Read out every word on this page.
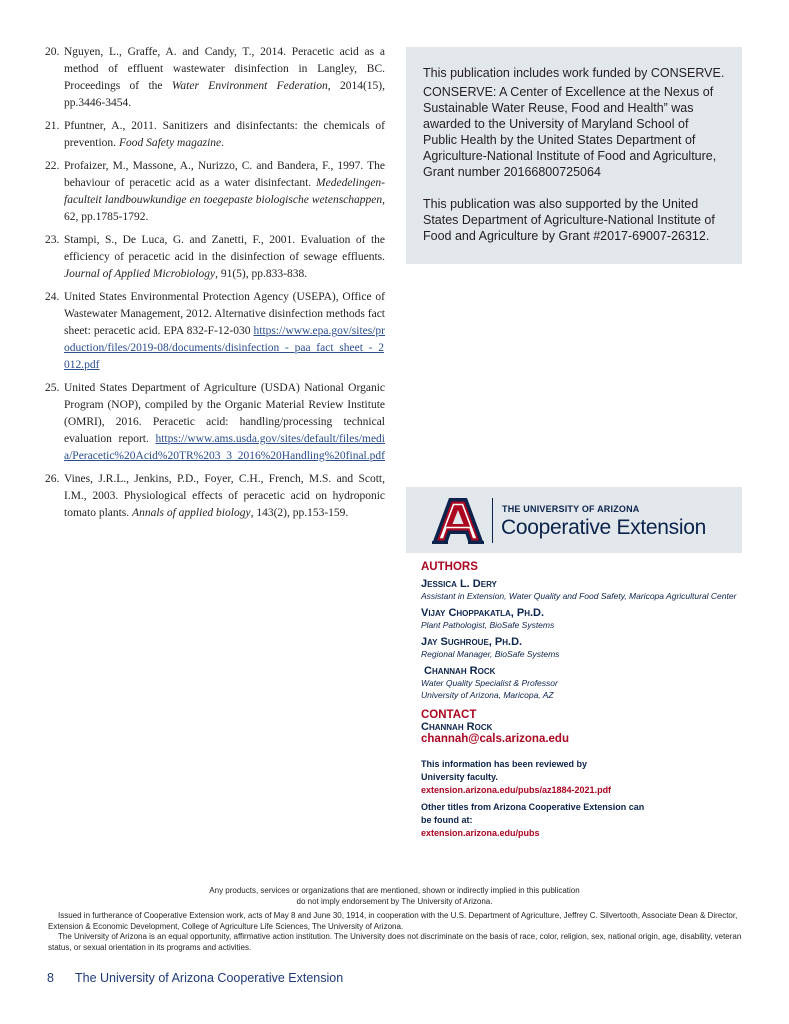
20. Nguyen, L., Graffe, A. and Candy, T., 2014. Peracetic acid as a method of effluent wastewater disinfection in Langley, BC. Proceedings of the Water Environment Federation, 2014(15), pp.3446-3454.
21. Pfuntner, A., 2011. Sanitizers and disinfectants: the chemicals of prevention. Food Safety magazine.
22. Profaizer, M., Massone, A., Nurizzo, C. and Bandera, F., 1997. The behaviour of peracetic acid as a water disinfectant. Mededelingen-faculteit landbouwkundige en toegepaste biologische wetenschappen, 62, pp.1785-1792.
23. Stampi, S., De Luca, G. and Zanetti, F., 2001. Evaluation of the efficiency of peracetic acid in the disinfection of sewage effluents. Journal of Applied Microbiology, 91(5), pp.833-838.
24. United States Environmental Protection Agency (USEPA), Office of Wastewater Management, 2012. Alternative disinfection methods fact sheet: peracetic acid. EPA 832-F-12-030 https://www.epa.gov/sites/production/files/2019-08/documents/disinfection_-_paa_fact_sheet_-_2012.pdf
25. United States Department of Agriculture (USDA) National Organic Program (NOP), compiled by the Organic Material Review Institute (OMRI), 2016. Peracetic acid: handling/processing technical evaluation report. https://www.ams.usda.gov/sites/default/files/media/Peracetic%20Acid%20TR%203_3_2016%20Handling%20final.pdf
26. Vines, J.R.L., Jenkins, P.D., Foyer, C.H., French, M.S. and Scott, I.M., 2003. Physiological effects of peracetic acid on hydroponic tomato plants. Annals of applied biology, 143(2), pp.153-159.

This publication includes work funded by CONSERVE.

CONSERVE: A Center of Excellence at the Nexus of Sustainable Water Reuse, Food and Health” was awarded to the University of Maryland School of Public Health by the United States Department of Agriculture-National Institute of Food and Agriculture, Grant number 20166800725064

This publication was also supported by the United States Department of Agriculture-National Institute of Food and Agriculture by Grant #2017-69007-26312.

THE UNIVERSITY OF ARIZONA
Cooperative Extension
AUTHORS
Jessica L. Dery
Assistant in Extension, Water Quality and Food Safety, Maricopa Agricultural Center
Vijay Choppakatla, Ph.D.
Plant Pathologist, BioSafe Systems
Jay Sughroue, Ph.D.
Regional Manager, BioSafe Systems
Channah Rock
Water Quality Specialist & Professor
University of Arizona, Maricopa, AZ
CONTACT
Channah Rock
channah@cals.arizona.edu
This information has been reviewed by University faculty.
extension.arizona.edu/pubs/az1884-2021.pdf
Other titles from Arizona Cooperative Extension can be found at:
extension.arizona.edu/pubs
Any products, services or organizations that are mentioned, shown or indirectly implied in this publication
do not imply endorsement by The University of Arizona.

Issued in furtherance of Cooperative Extension work, acts of May 8 and June 30, 1914, in cooperation with the U.S. Department of Agriculture, Jeffrey C. Silvertooth, Associate Dean & Director, Extension & Economic Development, College of Agriculture Life Sciences, The University of Arizona.

The University of Arizona is an equal opportunity, affirmative action institution. The University does not discriminate on the basis of race, color, religion, sex, national origin, age, disability, veteran status, or sexual orientation in its programs and activities.

8 The University of Arizona Cooperative Extension
